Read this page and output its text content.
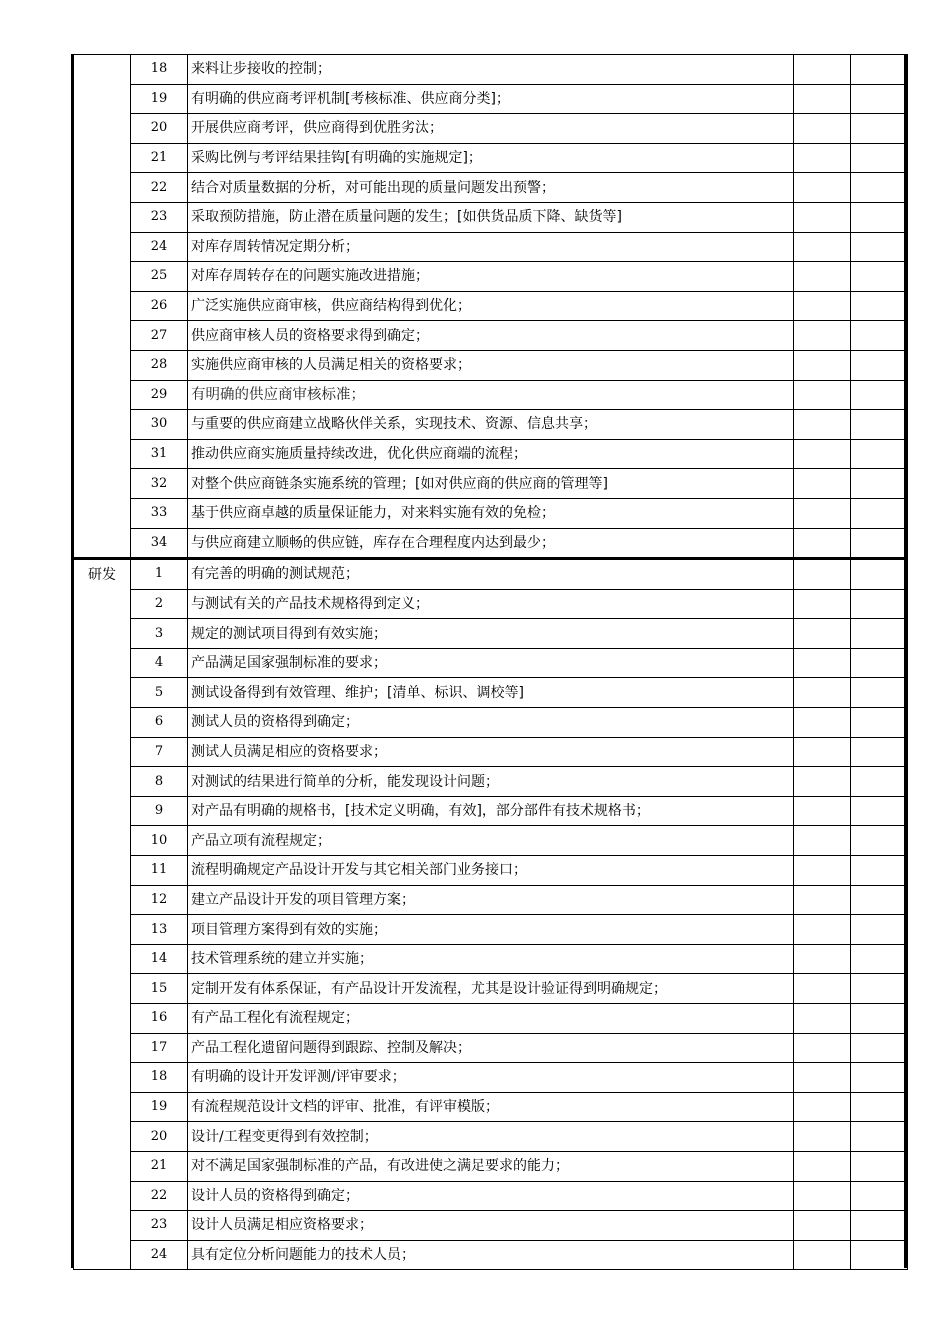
	18	来料让步接收的控制；		
	19	有明确的供应商考评机制[考核标准、供应商分类]；		
	20	开展供应商考评，供应商得到优胜劣汰；		
	21	采购比例与考评结果挂钩[有明确的实施规定]；		
	22	结合对质量数据的分析，对可能出现的质量问题发出预警；		
	23	采取预防措施，防止潜在质量问题的发生；[如供货品质下降、缺货等]		
	24	对库存周转情况定期分析；		
	25	对库存周转存在的问题实施改进措施；		
	26	广泛实施供应商审核，供应商结构得到优化；		
	27	供应商审核人员的资格要求得到确定；		
	28	实施供应商审核的人员满足相关的资格要求；		
	29	有明确的供应商审核标准；		
	30	与重要的供应商建立战略伙伴关系，实现技术、资源、信息共享；		
	31	推动供应商实施质量持续改进，优化供应商端的流程；		
	32	对整个供应商链条实施系统的管理；[如对供应商的供应商的管理等]		
	33	基于供应商卓越的质量保证能力，对来料实施有效的免检；		
	34	与供应商建立顺畅的供应链，库存在合理程度内达到最少；		
研发	1	有完善的明确的测试规范；		
	2	与测试有关的产品技术规格得到定义；		
	3	规定的测试项目得到有效实施；		
	4	产品满足国家强制标准的要求；		
	5	测试设备得到有效管理、维护；[清单、标识、调校等]		
	6	测试人员的资格得到确定；		
	7	测试人员满足相应的资格要求；		
	8	对测试的结果进行简单的分析，能发现设计问题；		
	9	对产品有明确的规格书，[技术定义明确，有效]，部分部件有技术规格书；		
	10	产品立项有流程规定；		
	11	流程明确规定产品设计开发与其它相关部门业务接口；		
	12	建立产品设计开发的项目管理方案；		
	13	项目管理方案得到有效的实施；		
	14	技术管理系统的建立并实施；		
	15	定制开发有体系保证，有产品设计开发流程，尤其是设计验证得到明确规定；		
	16	有产品工程化有流程规定；		
	17	产品工程化遗留问题得到跟踪、控制及解决；		
	18	有明确的设计开发评测/评审要求；		
	19	有流程规范设计文档的评审、批准，有评审模版；		
	20	设计/工程变更得到有效控制；		
	21	对不满足国家强制标准的产品，有改进使之满足要求的能力；		
	22	设计人员的资格得到确定；		
	23	设计人员满足相应资格要求；		
	24	具有定位分析问题能力的技术人员；		
